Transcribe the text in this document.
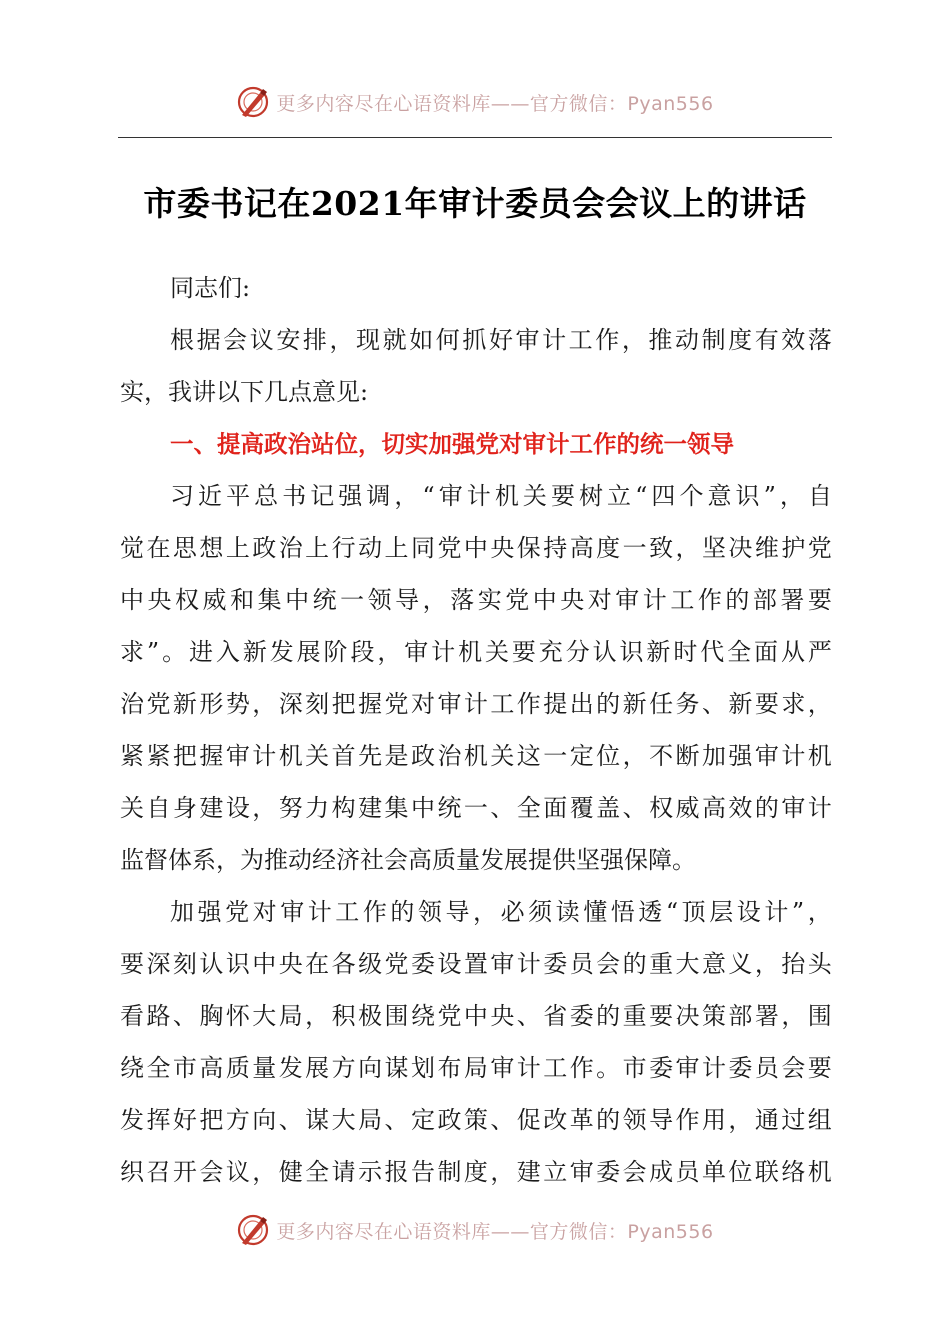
更多内容尽在心语资料库——官方微信：Pyan556
市委书记在2021年审计委员会会议上的讲话
同志们:
根 据 会 议 安 排 ， 现 就 如 何 抓 好 审 计 工 作 ， 推 动 制 度 有 效 落
实，我讲以下几点意见:
一、提高政治站位，切实加强党对审计工作的统一领导
习 近 平 总 书 记 强 调 ， “ 审 计 机 关 要 树 立 “ 四 个 意 识 ” ， 自
觉 在 思 想 上 政 治 上 行 动 上 同 党 中 央 保 持 高 度 一 致 ， 坚 决 维 护 党
中 央 权 威 和 集 中 统 一 领 导 ， 落 实 党 中 央 对 审 计 工 作 的 部 署 要
求 ” 。 进 入 新 发 展 阶 段 ， 审 计 机 关 要 充 分 认 识 新 时 代 全 面 从 严
治 党 新 形 势 ， 深 刻 把 握 党 对 审 计 工 作 提 出 的 新 任 务 、 新 要 求 ，
紧 紧 把 握 审 计 机 关 首 先 是 政 治 机 关 这 一 定 位 ， 不 断 加 强 审 计 机
关 自 身 建 设 ， 努 力 构 建 集 中 统 一 、 全 面 覆 盖 、 权 威 高 效 的 审 计
监督体系，为推动经济社会高质量发展提供坚强保障。
加 强 党 对 审 计 工 作 的 领 导 ， 必 须 读 懂 悟 透 “ 顶 层 设 计 ” ，
要 深 刻 认 识 中 央 在 各 级 党 委 设 置 审 计 委 员 会 的 重 大 意 义 ， 抬 头
看 路 、 胸 怀 大 局 ， 积 极 围 绕 党 中 央 、 省 委 的 重 要 决 策 部 署 ， 围
绕 全 市 高 质 量 发 展 方 向 谋 划 布 局 审 计 工 作 。 市 委 审 计 委 员 会 要
发 挥 好 把 方 向 、 谋 大 局 、 定 政 策 、 促 改 革 的 领 导 作 用 ， 通 过 组
织 召 开 会 议 ， 健 全 请 示 报 告 制 度 ， 建 立 审 委 会 成 员 单 位 联 络 机
更多内容尽在心语资料库——官方微信：Pyan556
